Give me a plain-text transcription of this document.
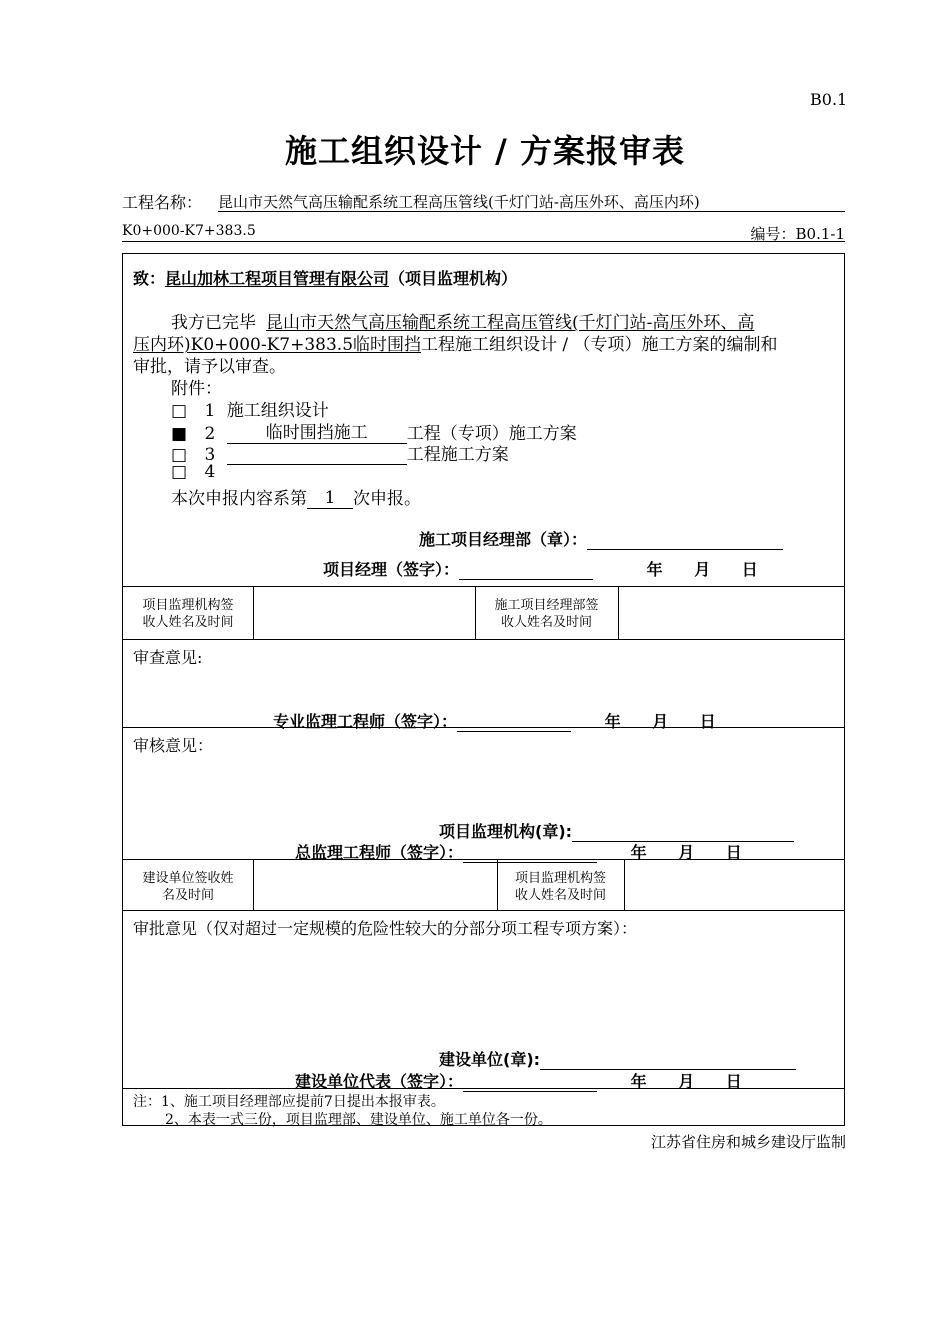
B0.1
施工组织设计 / 方案报审表
工程名称： 昆山市天然气高压输配系统工程高压管线(千灯门站-高压外环、高压内环)
K0+000-K7+383.5	编号：B0.1-1
致：昆山加林工程项目管理有限公司（项目监理机构）
我方已完毕 昆山市天然气高压输配系统工程高压管线(千灯门站-高压外环、高
压内环)K0+000-K7+383.5临时围挡工程施工组织设计 / （专项）施工方案的编制和
审批，请予以审查。
附件：
□ 1 施工组织设计
■ 2	临时围挡施工 工程（专项）施工方案
□ 3	工程施工方案
□ 4
本次申报内容系第 1 次申报。
施工项目经理部（章）：
项目经理（签字）：	年 月 日
项目监理机构签
收人姓名及时间
施工项目经理部签
收人姓名及时间
审查意见:
专业监理工程师（签字）：	年 月 日
审核意见：
项目监理机构(章):
总监理工程师（签字）：	年 月 日
建设单位签收姓
名及时间
项目监理机构签
收人姓名及时间
审批意见（仅对超过一定规模的危险性较大的分部分项工程专项方案）：
建设单位(章):
建设单位代表（签字）：	年 月 日
注：1、施工项目经理部应提前7日提出本报审表。
2、本表一式三份，项目监理部、建设单位、施工单位各一份。
江苏省住房和城乡建设厅监制
